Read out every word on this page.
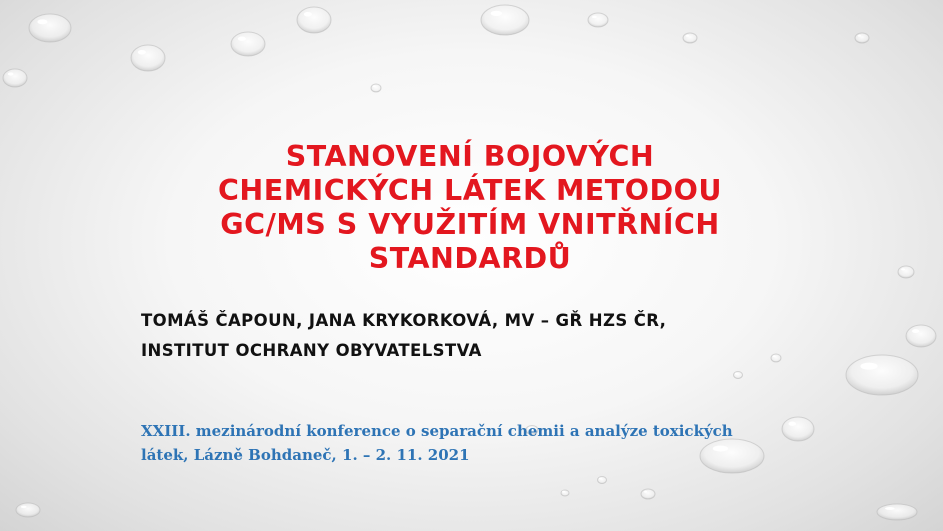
STANOVENÍ BOJOVÝCH
CHEMICKÝCH LÁTEK METODOU
GC/MS S VYUŽITÍM VNITŘNÍCH
STANDARDŮ

TOMÁŠ ČAPOUN, JANA KRYKORKOVÁ, MV – GŘ HZS ČR,
INSTITUT OCHRANY OBYVATELSTVA

XXIII. mezinárodní konference o separační chemii a analýze toxických
látek, Lázně Bohdaneč, 1. – 2. 11. 2021
